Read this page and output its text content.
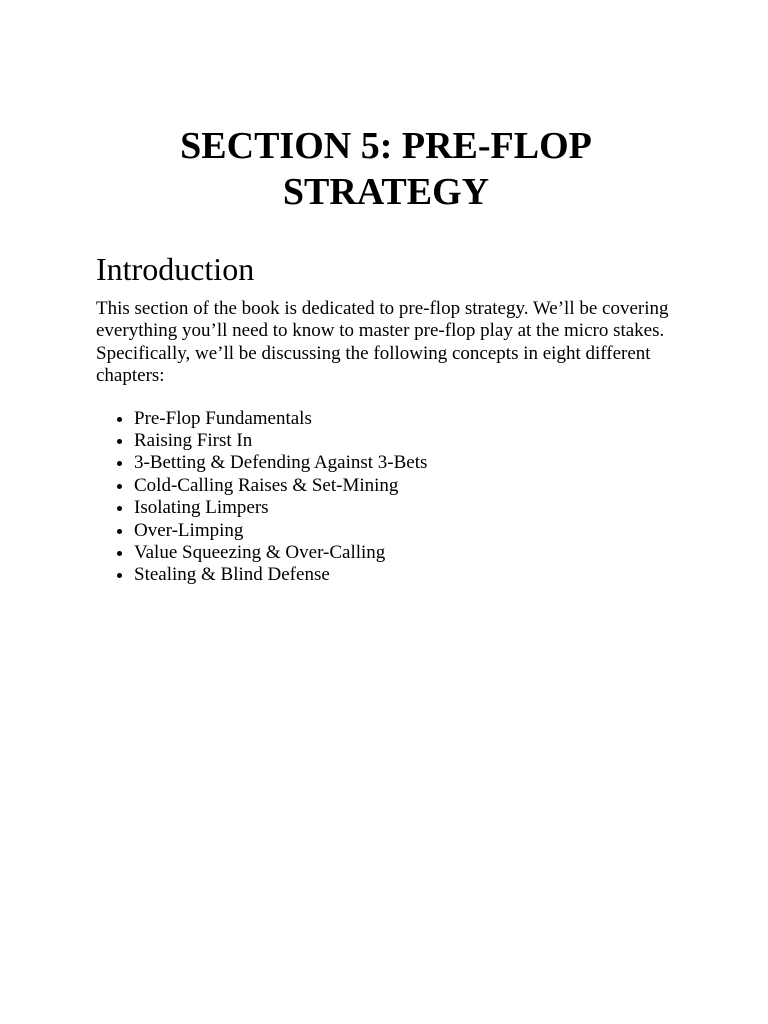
SECTION 5: PRE-FLOP
STRATEGY
Introduction

This section of the book is dedicated to pre-flop strategy. We’ll be covering everything you’ll need to know to master pre-flop play at the micro stakes. Specifically, we’ll be discussing the following concepts in eight different chapters:

• Pre-Flop Fundamentals
• Raising First In
• 3-Betting & Defending Against 3-Bets
• Cold-Calling Raises & Set-Mining
• Isolating Limpers
• Over-Limping
• Value Squeezing & Over-Calling
• Stealing & Blind Defense
